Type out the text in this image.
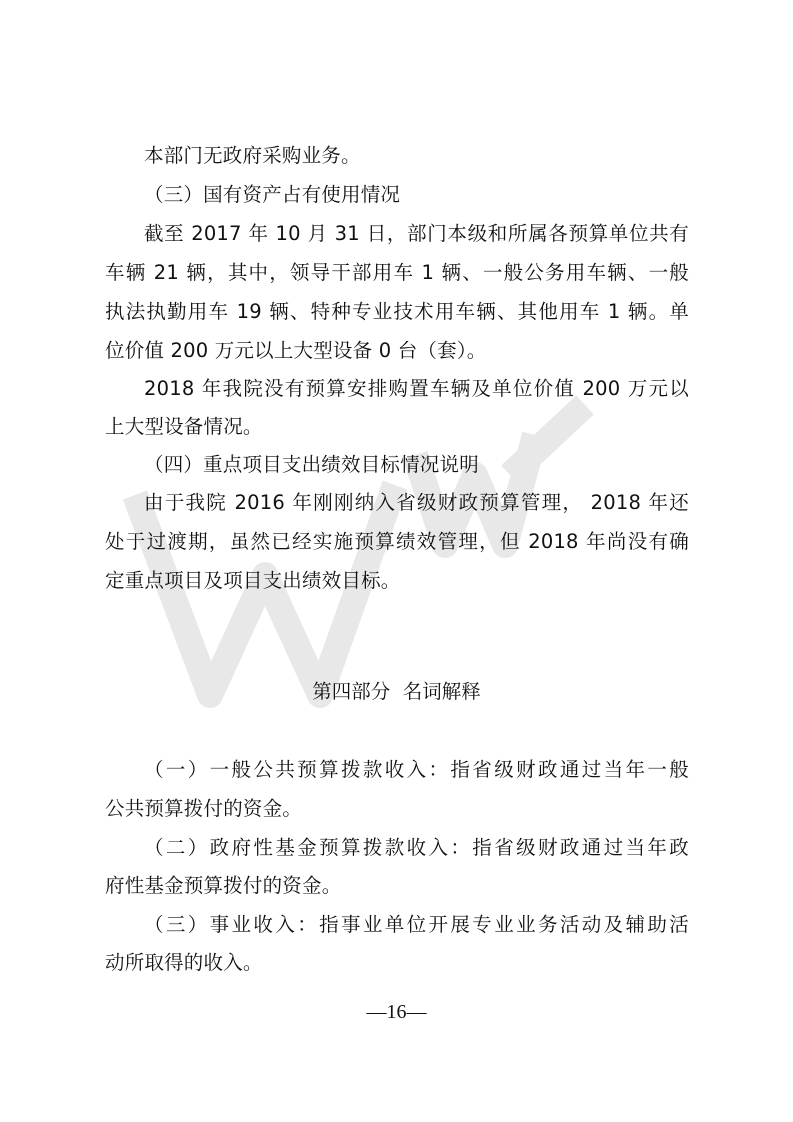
本部门无政府采购业务。
（三）国有资产占有使用情况
截至 2017 年 10 月 31 日，部门本级和所属各预算单位共有
车辆 21 辆，其中，领导干部用车 1 辆、一般公务用车辆、一般
执法执勤用车 19 辆、特种专业技术用车辆、其他用车 1 辆。单
位价值 200 万元以上大型设备 0 台（套）。
2018 年我院没有预算安排购置车辆及单位价值 200 万元以
上大型设备情况。
（四）重点项目支出绩效目标情况说明
由于我院 2016 年刚刚纳入省级财政预算管理， 2018 年还
处于过渡期，虽然已经实施预算绩效管理，但 2018 年尚没有确
定重点项目及项目支出绩效目标。
第四部分  名词解释
（一）一般公共预算拨款收入：指省级财政通过当年一般
公共预算拨付的资金。
（二）政府性基金预算拨款收入：指省级财政通过当年政
府性基金预算拨付的资金。
（三）事业收入：指事业单位开展专业业务活动及辅助活
动所取得的收入。
—16—
